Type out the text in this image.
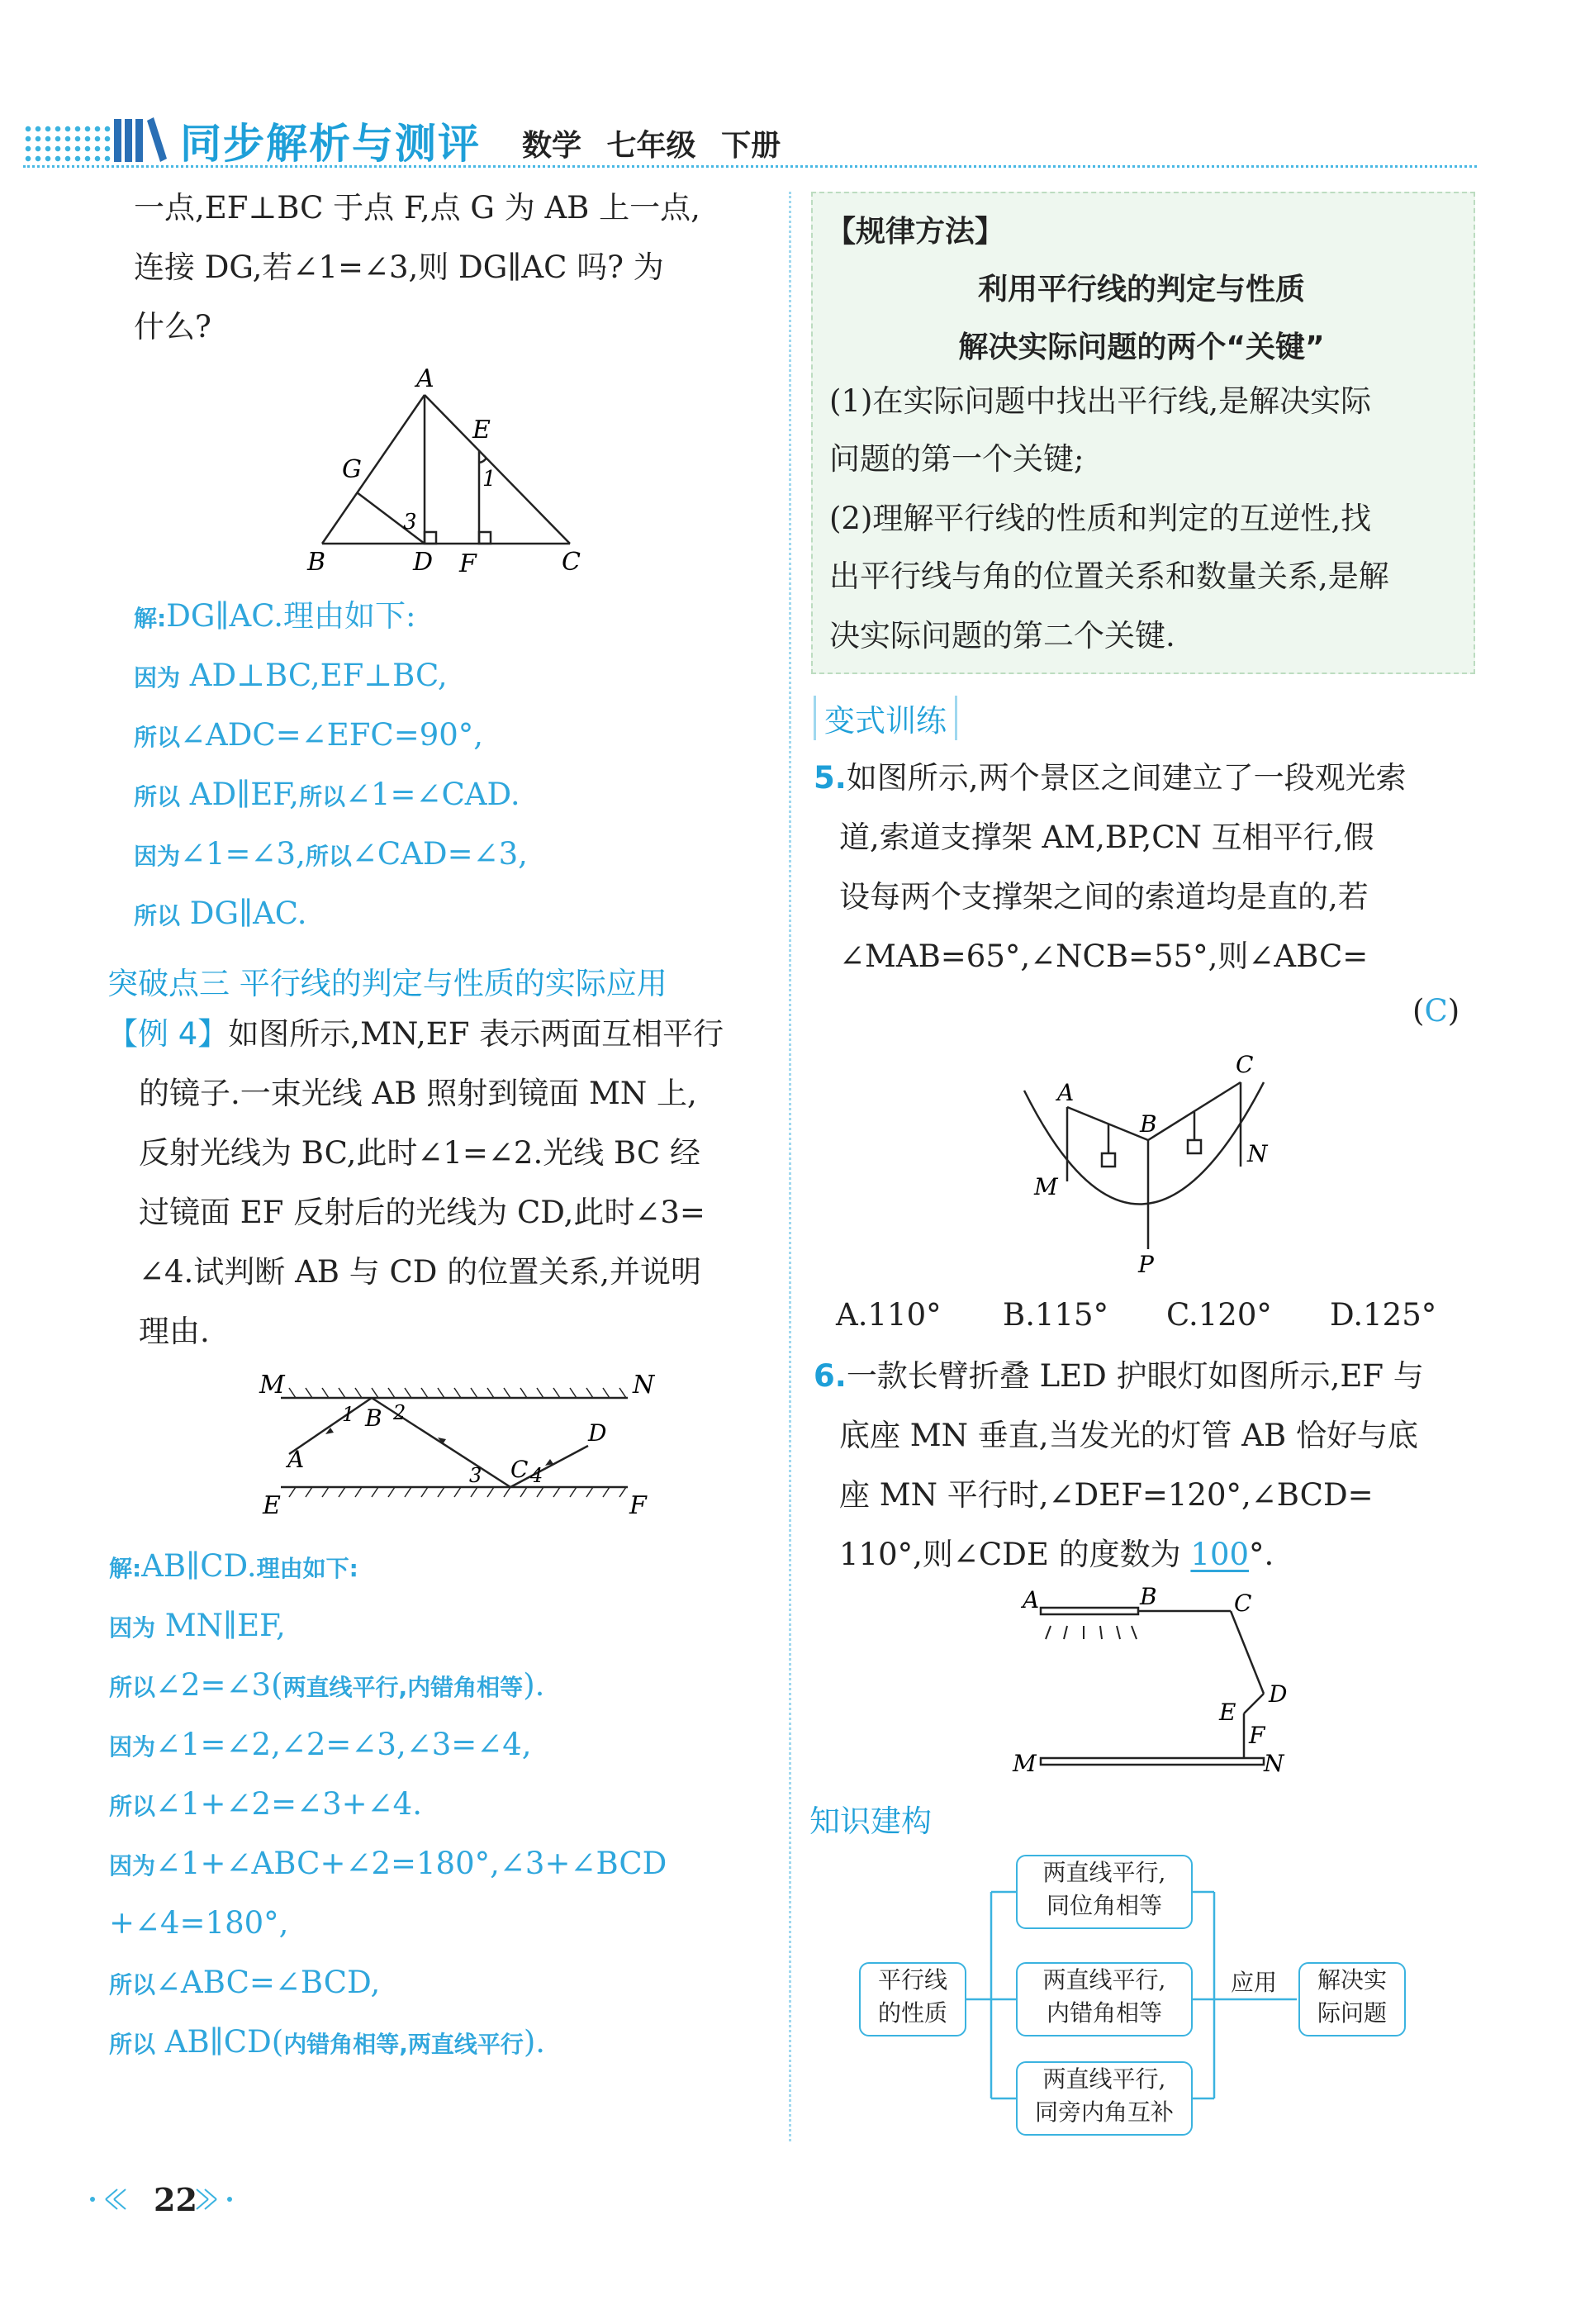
同步解析与测评 数学 七年级 下册
一点,EF⊥BC 于点 F,点 G 为 AB 上一点,
连接 DG,若∠1=∠3,则 DG∥AC 吗? 为
什么?
A
B	C
D
E
F
G	1
3
解:DG∥AC.理由如下:
因为 AD⊥BC,EF⊥BC,
所以∠ADC=∠EFC=90°,
所以 AD∥EF,所以∠1=∠CAD.
因为∠1=∠3,所以∠CAD=∠3,
所以 DG∥AC.
突破点三 平行线的判定与性质的实际应用
【例 4】如图所示,MN,EF 表示两面互相平行
的镜子.一束光线 AB 照射到镜面 MN 上,
反射光线为 BC,此时∠1=∠2.光线 BC 经
过镜面 EF 反射后的光线为 CD,此时∠3=
∠4.试判断 AB 与 CD 的位置关系,并说明
理由.
M	N
E	F
A
B
C
D
1 2
3 4
解:AB∥CD.理由如下:
因为 MN∥EF,
所以∠2=∠3(两直线平行,内错角相等).
因为∠1=∠2,∠2=∠3,∠3=∠4,
所以∠1+∠2=∠3+∠4.
因为∠1+∠ABC+∠2=180°,∠3+∠BCD
+∠4=180°,
所以∠ABC=∠BCD,
所以 AB∥CD(内错角相等,两直线平行).
【规律方法】
利用平行线的判定与性质
解决实际问题的两个“关键”
(1)在实际问题中找出平行线,是解决实际
问题的第一个关键;
(2)理解平行线的性质和判定的互逆性,找
出平行线与角的位置关系和数量关系,是解
决实际问题的第二个关键.
变式训练
5.如图所示,两个景区之间建立了一段观光索
道,索道支撑架 AM,BP,CN 互相平行,假
设每两个支撑架之间的索道均是直的,若
∠MAB=65°,∠NCB=55°,则∠ABC=
(C)
A
B
C
M
N
P
A.110° B.115° C.120° D.125°
6.一款长臂折叠 LED 护眼灯如图所示,EF 与
底座 MN 垂直,当发光的灯管 AB 恰好与底
座 MN 平行时,∠DEF=120°,∠BCD=
110°,则∠CDE 的度数为 100°.
A	B	C
D
E
F
M	N
知识建构
平行线
的性质
两直线平行,
同位角相等
两直线平行,
内错角相等
两直线平行,
同旁内角互补
应用	解决实
际问题
22
